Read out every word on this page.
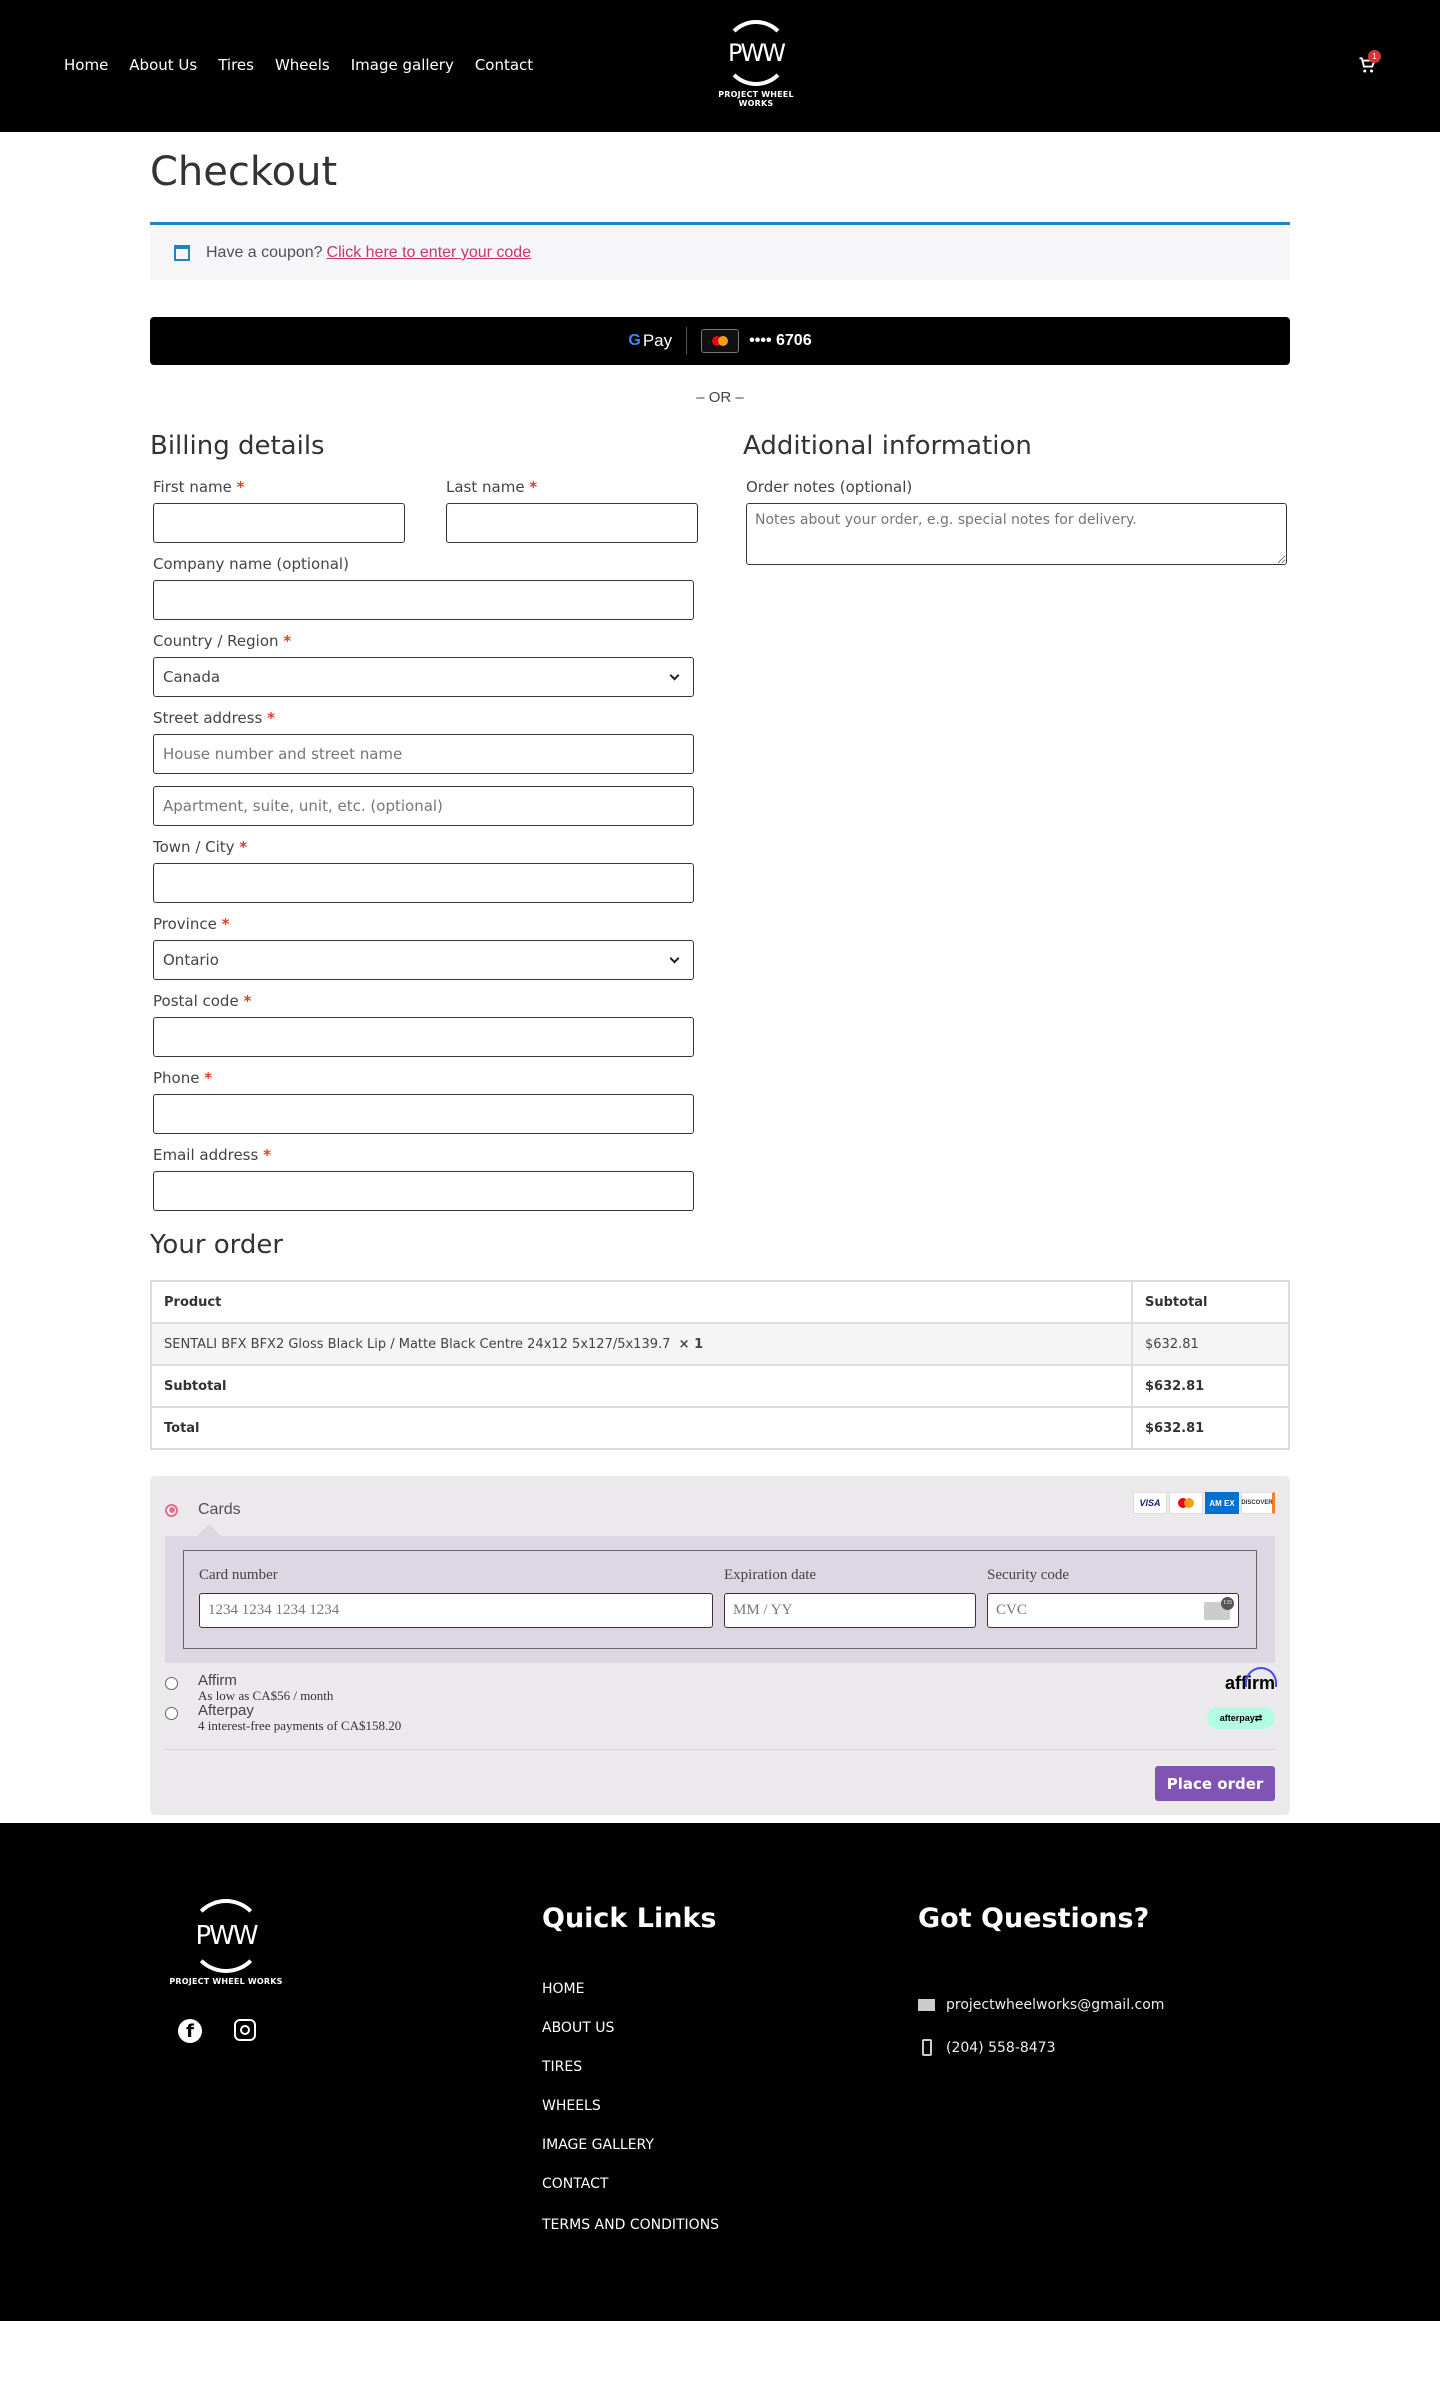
Home About Us Tires Wheels Image gallery Contact	PWW
PROJECT WHEEL WORKS
1
Checkout
Have a coupon? Click here to enter your code
G Pay	•••• 6706
– OR –
Billing details
First name *	Last name *
Company name (optional)
Country / Region *
Canada
Street address *
House number and street name
Apartment, suite, unit, etc. (optional)
Town / City *
Province *
Ontario
Postal code *
Phone *
Email address *
Additional information
Order notes (optional)
Notes about your order, e.g. special notes for delivery.
Your order
Product	Subtotal
SENTALI BFX BFX2 Gloss Black Lip / Matte Black Centre 24x12 5x127/5x139.7 × 1	$632.81
Subtotal	$632.81
Total	$632.81
Cards	VISA	AM EX	DISCOVER
Card number
1234 1234 1234 1234
Expiration date
MM / YY
Security code
CVC	135
Affirm
As low as CA$56 / month
Afterpay
4 interest-free payments of CA$158.20
affirm
afterpay⇄
Place order
PWW
PROJECT WHEEL WORKS
f
Quick Links
HOME
ABOUT US
TIRES
WHEELS
IMAGE GALLERY
CONTACT
TERMS AND CONDITIONS
Got Questions?
projectwheelworks@gmail.com
(204) 558-8473
